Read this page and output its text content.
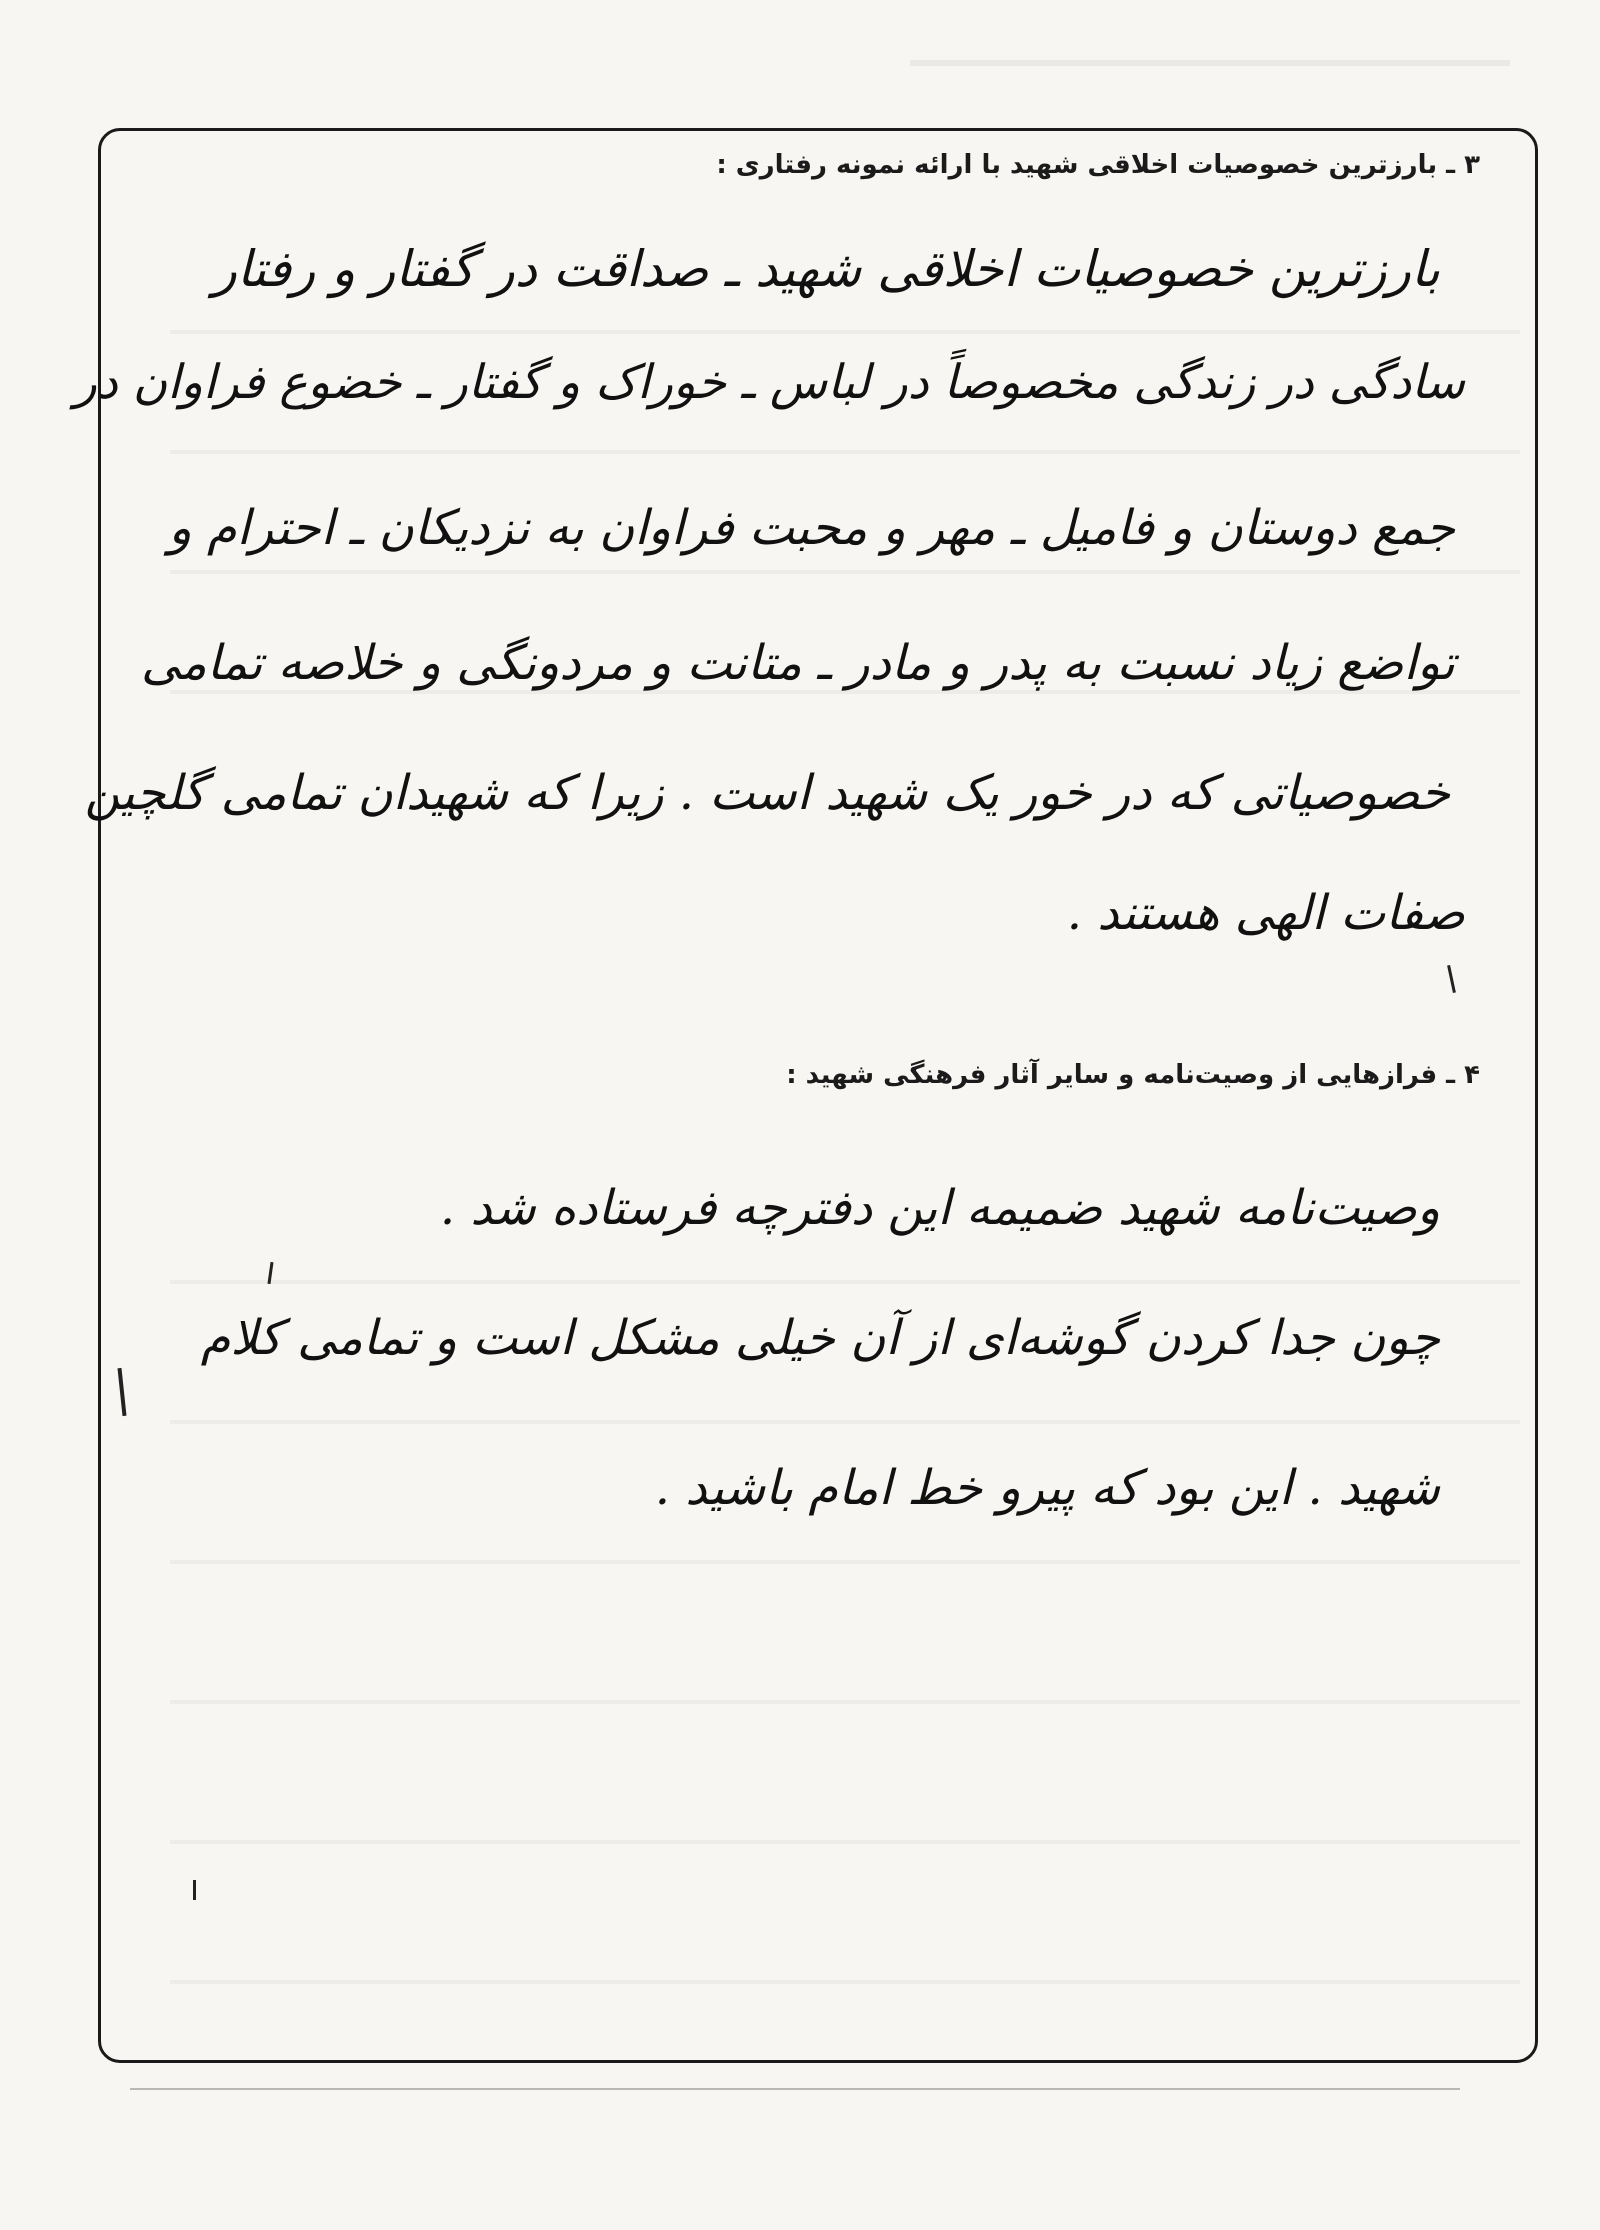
۳ ـ بارزترین خصوصیات اخلاقی شهید با ارائه نمونه رفتاری :
بارزترین خصوصیات اخلاقی شهید ـ صداقت در گفتار و رفتار
سادگی در زندگی مخصوصاً در لباس ـ خوراک و گفتار ـ خضوع فراوان در
جمع دوستان و فامیل ـ مهر و محبت فراوان به نزدیکان ـ احترام و
تواضع زیاد نسبت به پدر و مادر ـ متانت و مردونگی و خلاصه تمامی
خصوصیاتی که در خور یک شهید است . زیرا که شهیدان تمامی گلچین
صفات الهی هستند .
۴ ـ فرازهایی از وصیت‌نامه و سایر آثار فرهنگی شهید :
وصیت‌نامه شهید ضمیمه این دفترچه فرستاده شد .
چون جدا کردن گوشه‌ای از آن خیلی مشکل است و تمامی کلام
شهید . این بود که پیرو خط امام باشید .
